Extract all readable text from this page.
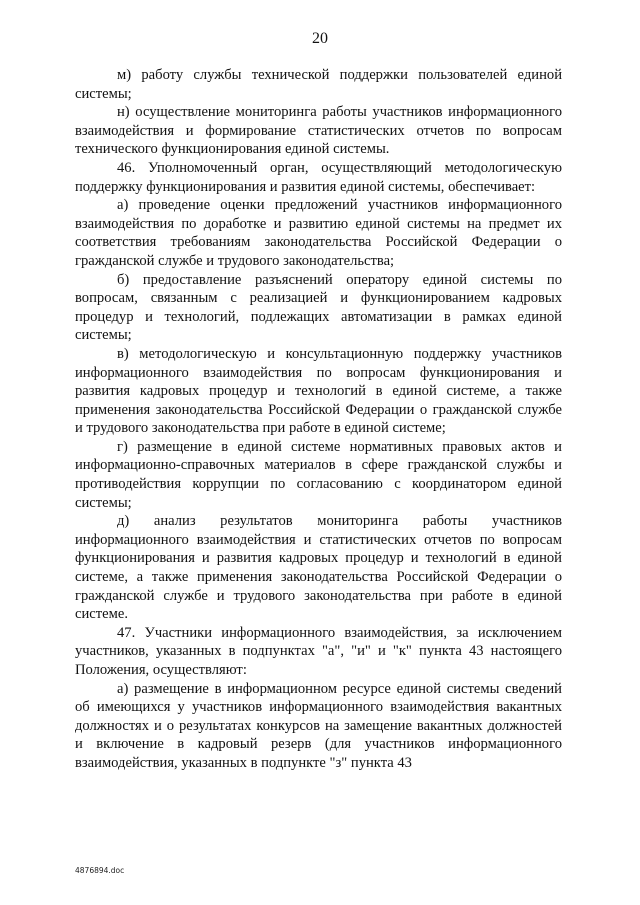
20

м) работу службы технической поддержки пользователей единой системы;

н) осуществление мониторинга работы участников информационного взаимодействия и формирование статистических отчетов по вопросам технического функционирования единой системы.

46. Уполномоченный орган, осуществляющий методологическую поддержку функционирования и развития единой системы, обеспечивает:

а) проведение оценки предложений участников информационного взаимодействия по доработке и развитию единой системы на предмет их соответствия требованиям законодательства Российской Федерации о гражданской службе и трудового законодательства;

б) предоставление разъяснений оператору единой системы по вопросам, связанным с реализацией и функционированием кадровых процедур и технологий, подлежащих автоматизации в рамках единой системы;

в) методологическую и консультационную поддержку участников информационного взаимодействия по вопросам функционирования и развития кадровых процедур и технологий в единой системе, а также применения законодательства Российской Федерации о гражданской службе и трудового законодательства при работе в единой системе;

г) размещение в единой системе нормативных правовых актов и информационно-справочных материалов в сфере гражданской службы и противодействия коррупции по согласованию с координатором единой системы;

д) анализ результатов мониторинга работы участников информационного взаимодействия и статистических отчетов по вопросам функционирования и развития кадровых процедур и технологий в единой системе, а также применения законодательства Российской Федерации о гражданской службе и трудового законодательства при работе в единой системе.

47. Участники информационного взаимодействия, за исключением участников, указанных в подпунктах "а", "и" и "к" пункта 43 настоящего Положения, осуществляют:

а) размещение в информационном ресурсе единой системы сведений об имеющихся у участников информационного взаимодействия вакантных должностях и о результатах конкурсов на замещение вакантных должностей и включение в кадровый резерв (для участников информационного взаимодействия, указанных в подпункте "з" пункта 43

4876894.doc
